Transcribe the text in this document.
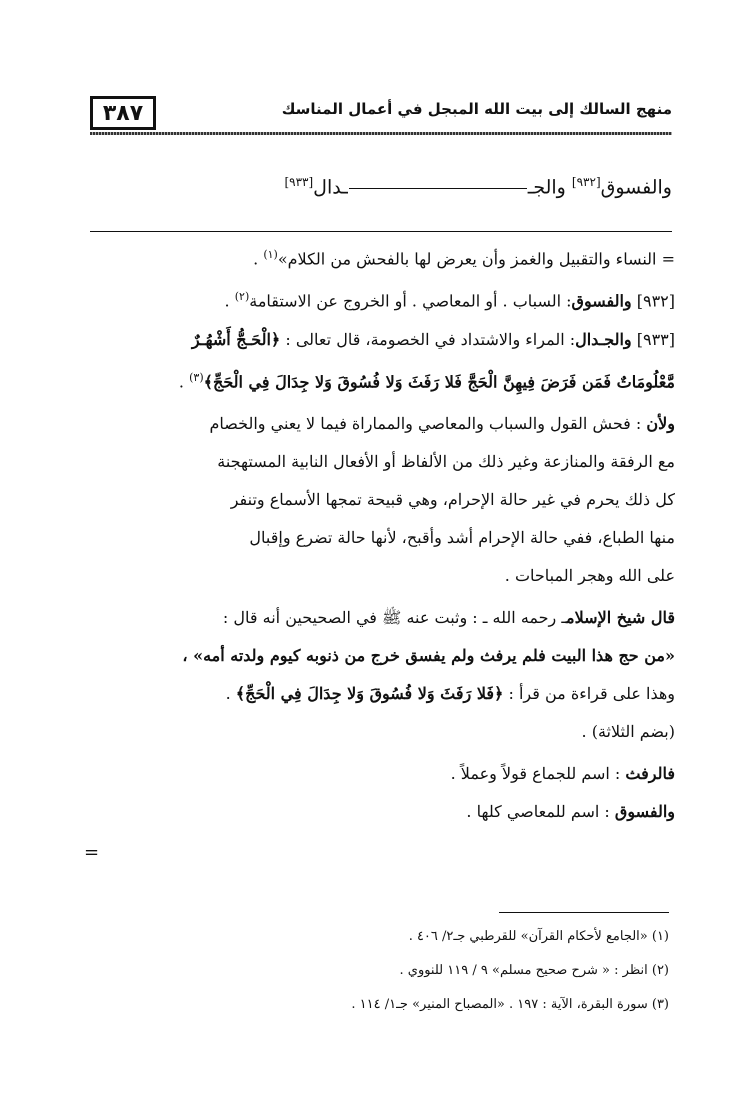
٣٨٧	منهج السالك إلى بيت الله المبجل في أعمال المناسك
والفسوق[٩٣٢] والجــدال[٩٣٣]

= النساء والتقبيل والغمز وأن يعرض لها بالفحش من الكلام»$^{(١)}$ .

[٩٣٢] والفسوق: السباب . أو المعاصي . أو الخروج عن الاستقامة$^{(٢)}$ .

[٩٣٣] والجـدال: المراء والاشتداد في الخصومة، قال تعالى : ﴿الْحَـجُّ أَشْهُـرٌ

مَّعْلُومَاتٌ فَمَن فَرَضَ فِيهِنَّ الْحَجَّ فَلا رَفَثَ وَلا فُسُوقَ وَلا جِدَالَ فِي الْحَجِّ﴾$^{(٣)}$ .

ولأن : فحش القول والسباب والمعاصي والمماراة فيما لا يعني والخصام

مع الرفقة والمنازعة وغير ذلك من الألفاظ أو الأفعال النابية المستهجنة

كل ذلك يحرم في غير حالة الإحرام، وهي قبيحة تمجها الأسماع وتنفر

منها الطباع، ففي حالة الإحرام أشد وأقبح، لأنها حالة تضرع وإقبال

على الله وهجر المباحات .

قال شيخ الإسلامـ رحمه الله ـ : وثبت عنه ﷺ في الصحيحين أنه قال :

«من حج هذا البيت فلم يرفث ولم يفسق خرج من ذنوبه كيوم ولدته أمه» ،

وهذا على قراءة من قرأ : ﴿فَلا رَفَثَ وَلا فُسُوقَ وَلا جِدَالَ فِي الْحَجِّ﴾ .

(بضم الثلاثة) .

فالرفث : اسم للجماع قولاً وعملاً .

والفسوق : اسم للمعاصي كلها .

=

(١) «الجامع لأحكام القرآن» للقرطبي جـ٢/ ٤٠٦ .

(٢) انظر : « شرح صحيح مسلم» ٩ / ١١٩ للنووي .

(٣) سورة البقرة، الآية : ١٩٧ . «المصباح المنير» جـ١/ ١١٤ .
